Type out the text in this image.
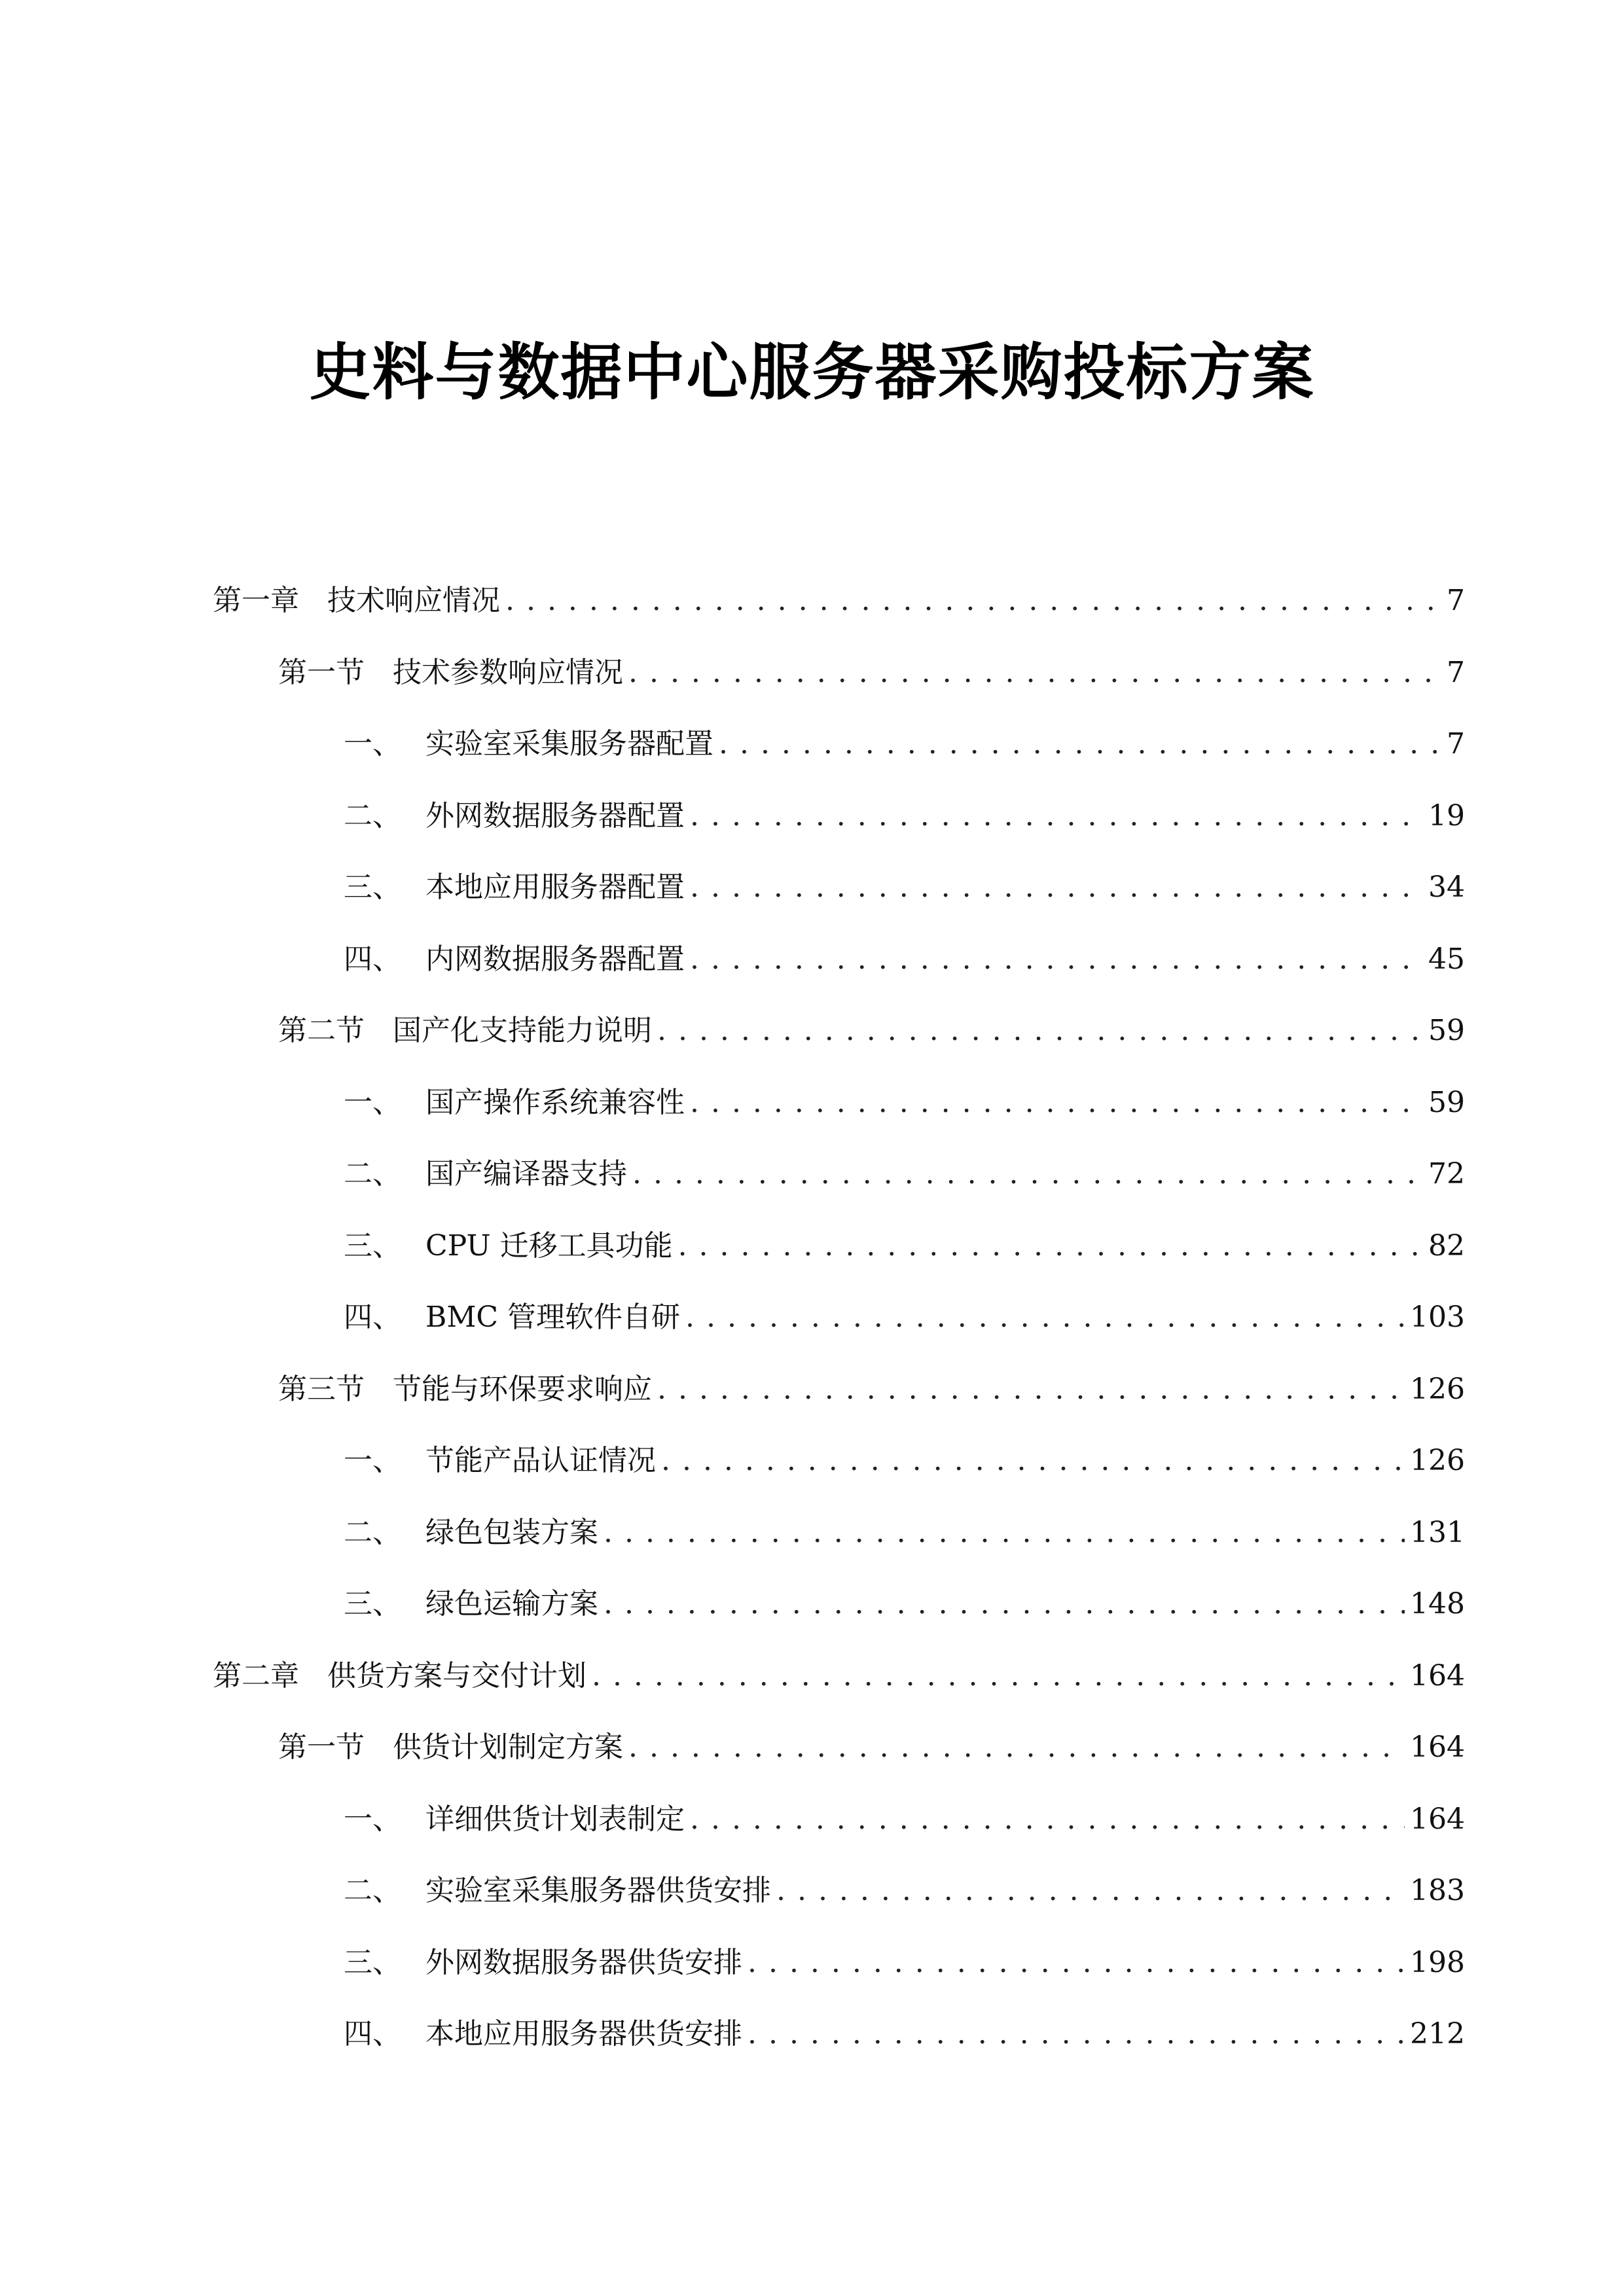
史料与数据中心服务器采购投标方案
第一章 技术响应情况 . . .	7
第一节 技术参数响应情况 . . .	7
一、 实验室采集服务器配置 . . .	7
二、 外网数据服务器配置 . . .	19
三、 本地应用服务器配置 . . .	34
四、 内网数据服务器配置 . . .	45
第二节 国产化支持能力说明 . . .	59
一、 国产操作系统兼容性 . . .	59
二、 国产编译器支持 . . .	72
三、 CPU 迁移工具功能 . . .	82
四、 BMC 管理软件自研 . . .	103
第三节 节能与环保要求响应 . . .	126
一、 节能产品认证情况 . . .	126
二、 绿色包装方案 . . .	131
三、 绿色运输方案 . . .	148
第二章 供货方案与交付计划 . . .	164
第一节 供货计划制定方案 . . .	164
一、 详细供货计划表制定 . . .	164
二、 实验室采集服务器供货安排 . . .	183
三、 外网数据服务器供货安排 . . .	198
四、 本地应用服务器供货安排 . . .	212
